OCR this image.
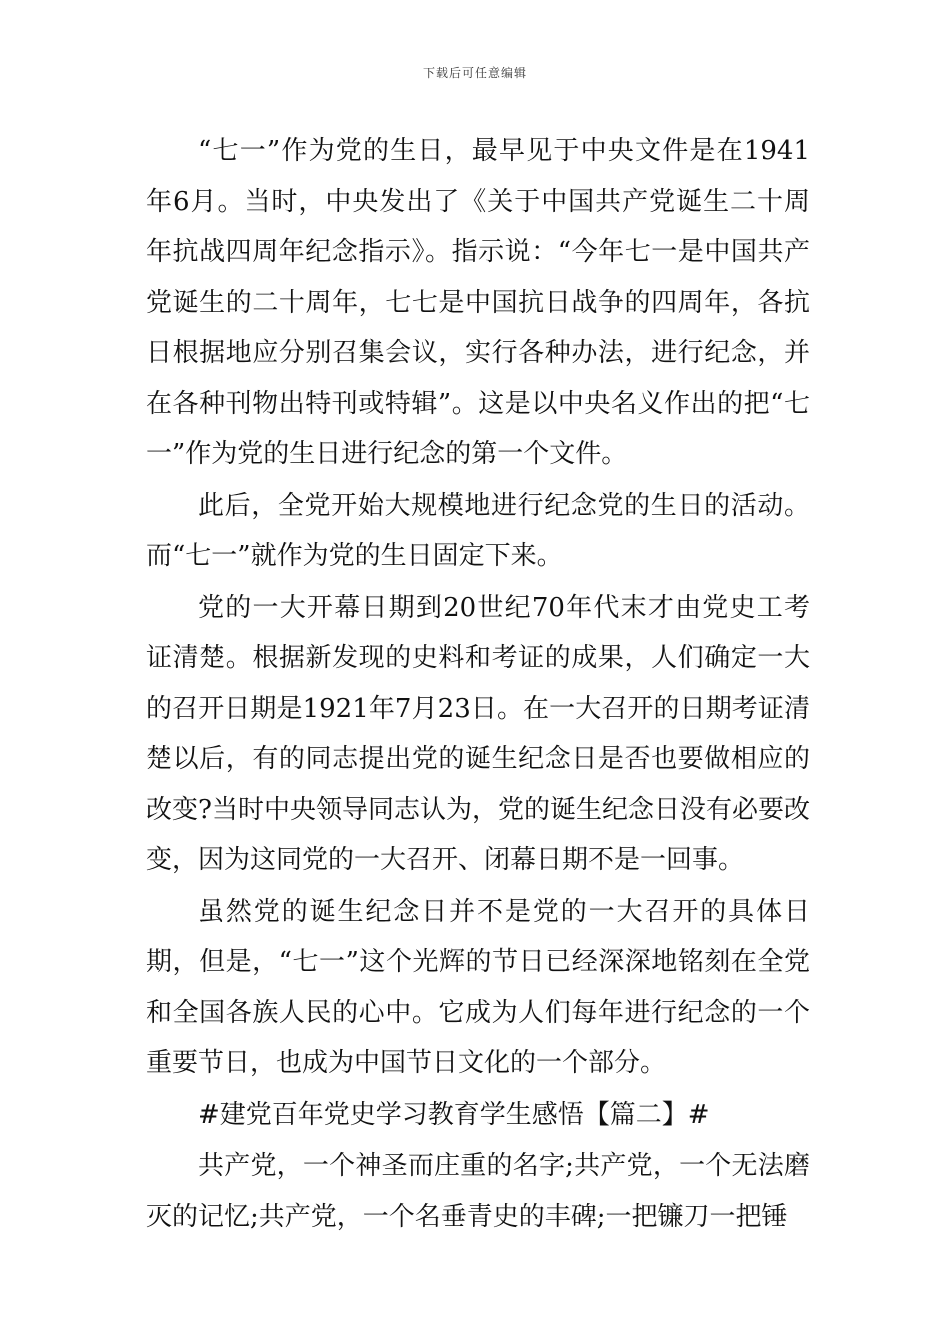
下载后可任意编辑

“七一”作为党的生日，最早见于中央文件是在1941年6月。当时，中央发出了《关于中国共产党诞生二十周年抗战四周年纪念指示》。指示说：“今年七一是中国共产党诞生的二十周年，七七是中国抗日战争的四周年，各抗日根据地应分别召集会议，实行各种办法，进行纪念，并在各种刊物出特刊或特辑”。这是以中央名义作出的把“七一”作为党的生日进行纪念的第一个文件。

此后，全党开始大规模地进行纪念党的生日的活动。而“七一”就作为党的生日固定下来。

党的一大开幕日期到20世纪70年代末才由党史工考证清楚。根据新发现的史料和考证的成果，人们确定一大的召开日期是1921年7月23日。在一大召开的日期考证清楚以后，有的同志提出党的诞生纪念日是否也要做相应的改变?当时中央领导同志认为，党的诞生纪念日没有必要改变，因为这同党的一大召开、闭幕日期不是一回事。

虽然党的诞生纪念日并不是党的一大召开的具体日期，但是，“七一”这个光辉的节日已经深深地铭刻在全党和全国各族人民的心中。它成为人们每年进行纪念的一个重要节日，也成为中国节日文化的一个部分。

#建党百年党史学习教育学生感悟【篇二】#

共产党，一个神圣而庄重的名字;共产党，一个无法磨灭的记忆;共产党，一个名垂青史的丰碑;一把镰刀一把锤
